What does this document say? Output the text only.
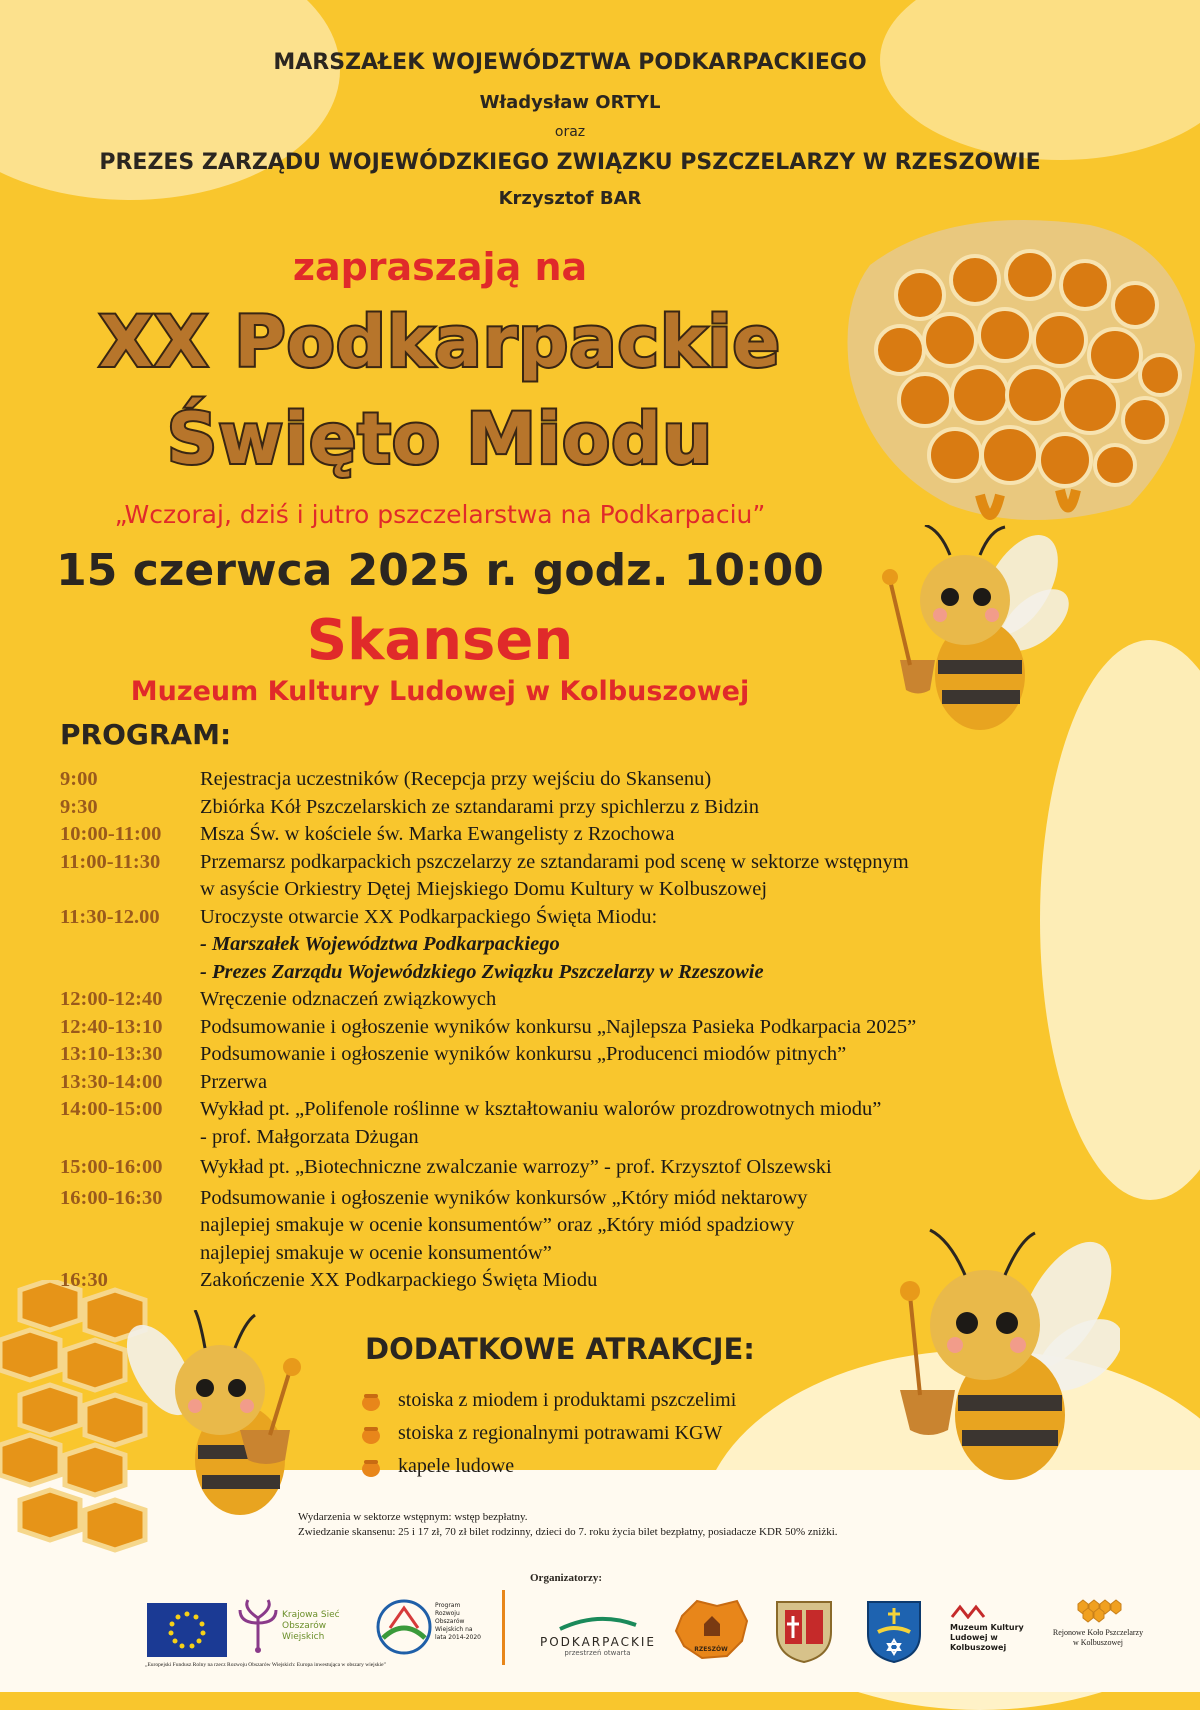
MARSZAŁEK WOJEWÓDZTWA PODKARPACKIEGO
Władysław ORTYL
oraz
PREZES ZARZĄDU WOJEWÓDZKIEGO ZWIĄZKU PSZCZELARZY W RZESZOWIE
Krzysztof BAR
zapraszają na
XX Podkarpackie
Święto Miodu
„Wczoraj, dziś i jutro pszczelarstwa na Podkarpaciu”
15 czerwca 2025 r. godz. 10:00
Skansen
Muzeum Kultury Ludowej w Kolbuszowej
PROGRAM:
9:00	Rejestracja uczestników (Recepcja przy wejściu do Skansenu)
9:30	Zbiórka Kół Pszczelarskich ze sztandarami przy spichlerzu z Bidzin
10:00-11:00	Msza Św. w kościele św. Marka Ewangelisty z Rzochowa
11:00-11:30	Przemarsz podkarpackich pszczelarzy ze sztandarami pod scenę w sektorze wstępnym
w asyście Orkiestry Dętej Miejskiego Domu Kultury w Kolbuszowej
11:30-12.00	Uroczyste otwarcie XX Podkarpackiego Święta Miodu:
- Marszałek Województwa Podkarpackiego
- Prezes Zarządu Wojewódzkiego Związku Pszczelarzy w Rzeszowie
12:00-12:40	Wręczenie odznaczeń związkowych
12:40-13:10	Podsumowanie i ogłoszenie wyników konkursu „Najlepsza Pasieka Podkarpacia 2025”
13:10-13:30	Podsumowanie i ogłoszenie wyników konkursu „Producenci miodów pitnych”
13:30-14:00	Przerwa
14:00-15:00	Wykład pt. „Polifenole roślinne w kształtowaniu walorów prozdrowotnych miodu”
- prof. Małgorzata Dżugan
15:00-16:00	Wykład pt. „Biotechniczne zwalczanie warrozy” - prof. Krzysztof Olszewski
16:00-16:30	Podsumowanie i ogłoszenie wyników konkursów „Który miód nektarowy
najlepiej smakuje w ocenie konsumentów” oraz „Który miód spadziowy
najlepiej smakuje w ocenie konsumentów”
16:30	Zakończenie XX Podkarpackiego Święta Miodu
DODATKOWE ATRAKCJE:
stoiska z miodem i produktami pszczelimi
stoiska z regionalnymi potrawami KGW
kapele ludowe
Wydarzenia w sektorze wstępnym: wstęp bezpłatny.
Zwiedzanie skansenu: 25 i 17 zł, 70 zł bilet rodzinny, dzieci do 7. roku życia bilet bezpłatny, posiadacze KDR 50% zniżki.
Organizatorzy:
Krajowa Sieć Obszarów Wiejskich
Program Rozwoju Obszarów Wiejskich na lata 2014-2020
„Europejski Fundusz Rolny na rzecz Rozwoju Obszarów Wiejskich: Europa inwestująca w obszary wiejskie”
PODKARPACKIE
przestrzeń otwarta	RZESZÓW
Muzeum Kultury Ludowej w Kolbuszowej
Rejonowe Koło Pszczelarzy w Kolbuszowej
